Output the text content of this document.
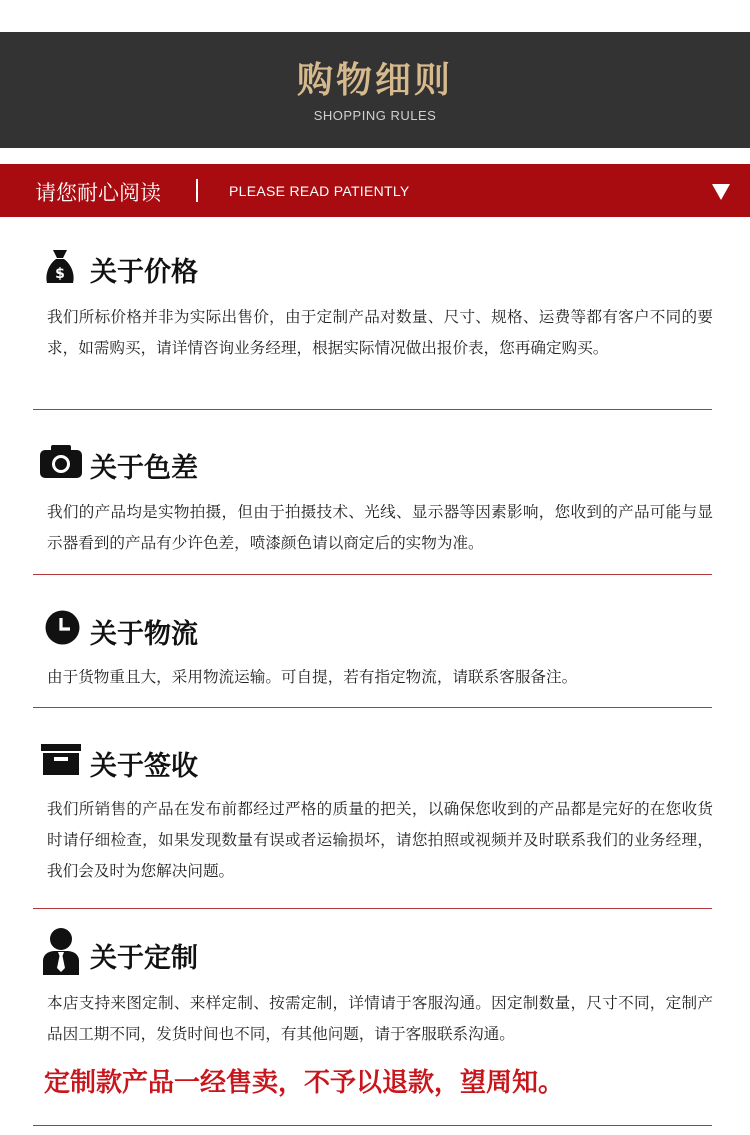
购物细则
SHOPPING RULES
请您耐心阅读	PLEASE READ PATIENTLY
$ 关于价格
我们所标价格并非为实际出售价，由于定制产品对数量、尺寸、规格、运费等都有客户不同的要求，如需购买，请详情咨询业务经理，根据实际情况做出报价表，您再确定购买。
关于色差
我们的产品均是实物拍摄，但由于拍摄技术、光线、显示器等因素影响，您收到的产品可能与显示器看到的产品有少许色差，喷漆颜色请以商定后的实物为准。
关于物流
由于货物重且大，采用物流运输。可自提，若有指定物流，请联系客服备注。
关于签收
我们所销售的产品在发布前都经过严格的质量的把关，以确保您收到的产品都是完好的在您收货时请仔细检查，如果发现数量有误或者运输损坏，请您拍照或视频并及时联系我们的业务经理，我们会及时为您解决问题。
关于定制
本店支持来图定制、来样定制、按需定制，详情请于客服沟通。因定制数量，尺寸不同，定制产品因工期不同，发货时间也不同，有其他问题，请于客服联系沟通。
定制款产品一经售卖，不予以退款，望周知。
